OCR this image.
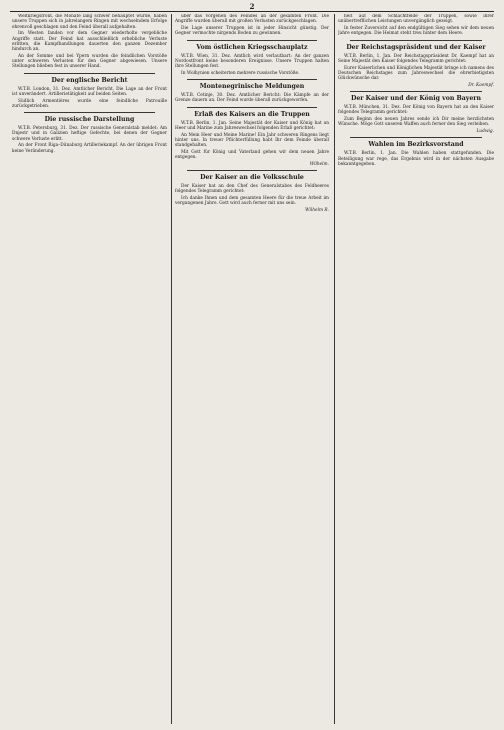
2

Weltkriegsfront, die Monate lang schwer behauptet wurde, haben unsere Truppen sich in jahrelangem Ringen mit wechselndem Erfolge ehrenvoll geschlagen und den Feind überall aufgehalten.

Im Westen fanden vor dem Gegner wiederholte vergebliche Angriffe statt. Der Feind hat ausschließlich erhebliche Verluste erlitten, die Kampfhandlungen dauerten den ganzen Dezember hindurch an.

An der Somme und bei Ypern wurden die feindlichen Vorstöße unter schweren Verlusten für den Gegner abgewiesen. Unsere Stellungen blieben fest in unserer Hand.

Der englische Bericht

W.T.B. London, 31. Dez. Amtlicher Bericht. Die Lage an der Front ist unverändert. Artillerietätigkeit auf beiden Seiten.

Südlich Armentières wurde eine feindliche Patrouille zurückgetrieben.

Die russische Darstellung

W.T.B. Petersburg, 31. Dez. Der russische Generalstab meldet: Am Dnjestr und in Galizien heftige Gefechte, bei denen der Gegner schwere Verluste erlitt.

An der Front Riga–Dünaburg Artilleriekampf. An der übrigen Front keine Veränderung.

über das Vorgehen des Feindes an der gesamten Front. Die Angriffe wurden überall mit großen Verlusten zurückgeschlagen.

Die Lage unserer Truppen ist in jeder Hinsicht günstig. Der Gegner vermochte nirgends Boden zu gewinnen.

Vom östlichen Kriegsschauplatz

W.T.B. Wien, 31. Dez. Amtlich wird verlautbart: An der ganzen Nordostfront keine besonderen Ereignisse. Unsere Truppen halten ihre Stellungen fest.

In Wolhynien scheiterten mehrere russische Vorstöße.

Montenegrinische Meldungen

W.T.B. Cetinje, 30. Dez. Amtlicher Bericht: Die Kämpfe an der Grenze dauern an. Der Feind wurde überall zurückgeworfen.

Erlaß des Kaisers an die Truppen

W.T.B. Berlin, 1. Jan. Seine Majestät der Kaiser und König hat an Heer und Marine zum Jahreswechsel folgenden Erlaß gerichtet:

An Mein Heer und Meine Marine! Ein Jahr schweren Ringens liegt hinter uns. In treuer Pflichterfüllung habt Ihr dem Feinde überall standgehalten.

Mit Gott für König und Vaterland gehen wir dem neuen Jahre entgegen.

Wilhelm.

Der Kaiser an die Volksschule

Der Kaiser hat an den Chef des Generalstabes des Feldheeres folgendes Telegramm gerichtet:

Ich danke Ihnen und dem gesamten Heere für die treue Arbeit im vergangenen Jahre. Gott wird auch ferner mit uns sein.

Wilhelm R.

heit auf dem Schlachtfelde der Truppen, sowie ihrer unübertrefflichen Leistungen unvergänglich gezeigt.

In fester Zuversicht auf den endgültigen Sieg sehen wir dem neuen Jahre entgegen. Die Heimat steht treu hinter dem Heere.

Der Reichstagspräsident und der Kaiser

W.T.B. Berlin, 1. Jan. Der Reichstagspräsident Dr. Kaempf hat an Seine Majestät den Kaiser folgendes Telegramm gerichtet:

Eurer Kaiserlichen und Königlichen Majestät bringe ich namens des Deutschen Reichstages zum Jahreswechsel die ehrerbietigsten Glückwünsche dar.

Dr. Kaempf.

Der Kaiser und der König von Bayern

W.T.B. München, 31. Dez. Der König von Bayern hat an den Kaiser folgendes Telegramm gerichtet:

Zum Beginn des neuen Jahres sende ich Dir meine herzlichsten Wünsche. Möge Gott unseren Waffen auch ferner den Sieg verleihen.

Ludwig.

Wahlen im Bezirksvorstand

W.T.B. Berlin, 1. Jan. Die Wahlen haben stattgefunden. Die Beteiligung war rege, das Ergebnis wird in der nächsten Ausgabe bekanntgegeben.
